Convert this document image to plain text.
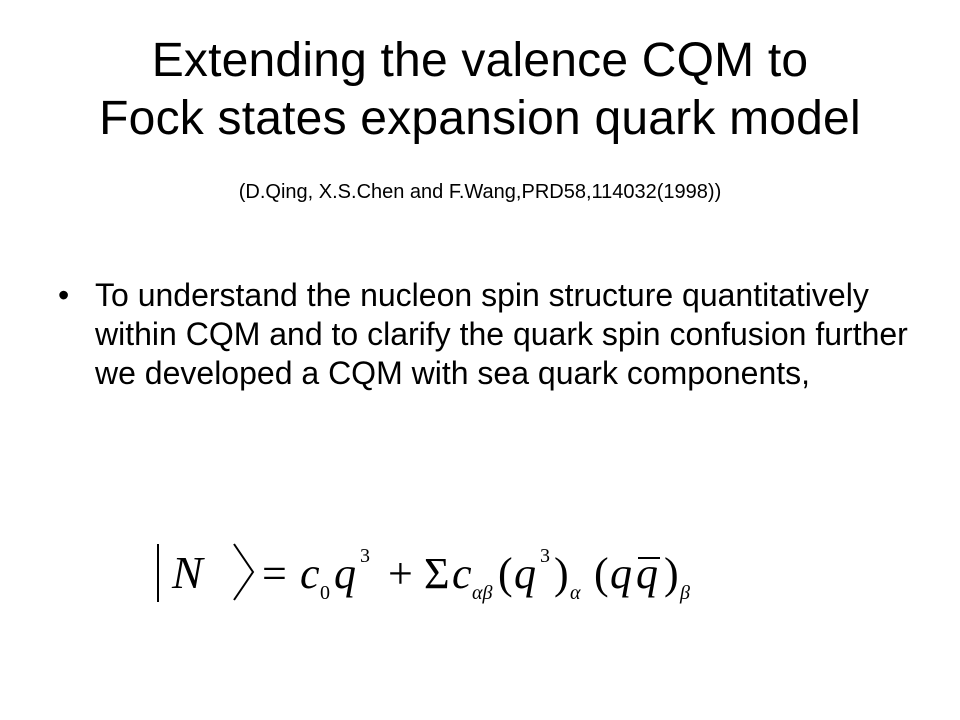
Extending the valence CQM to
Fock states expansion quark model
(D.Qing, X.S.Chen and F.Wang,PRD58,114032(1998))
• To understand the nucleon spin structure quantitatively within CQM and to clarify the quark spin confusion further we developed a CQM with sea quark components,
N = c 0 q 3 + Σ c αβ ( q 3 ) α ( q q ) β
